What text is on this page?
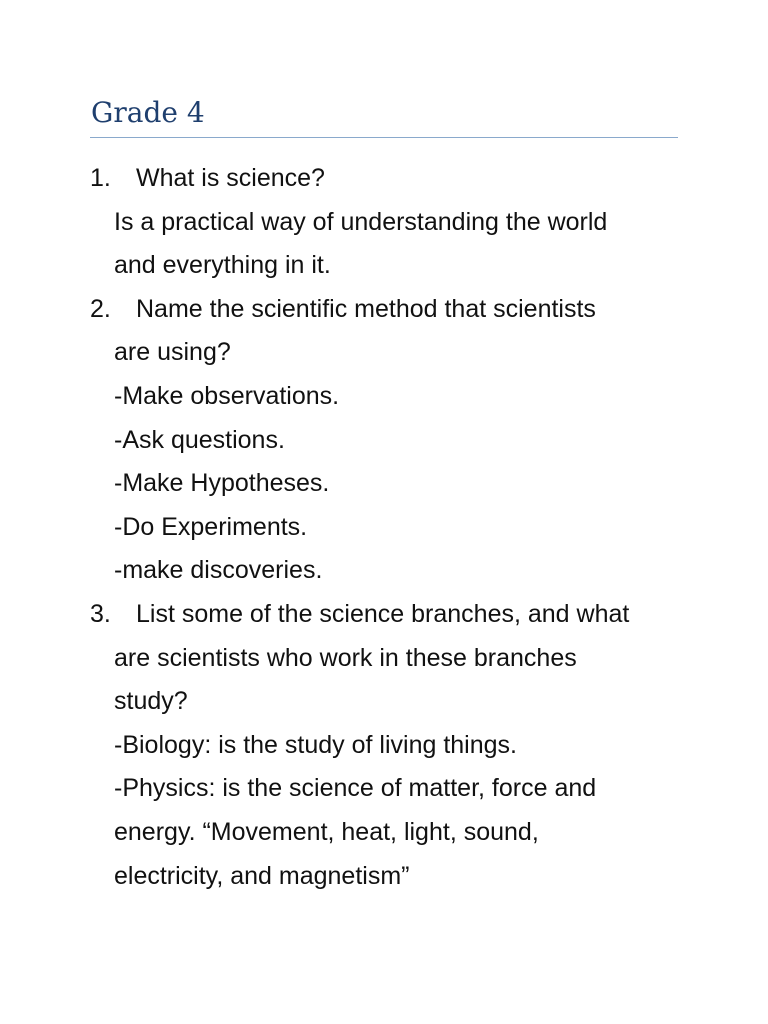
Grade 4
1.	What is science?
Is a practical way of understanding the world
and everything in it.
2.	Name the scientific method that scientists
are using?
-Make observations.
-Ask questions.
-Make Hypotheses.
-Do Experiments.
-make discoveries.
3.	List some of the science branches, and what
are scientists who work in these branches
study?
-Biology: is the study of living things.
-Physics: is the science of matter, force and
energy. “Movement, heat, light, sound,
electricity, and magnetism”
